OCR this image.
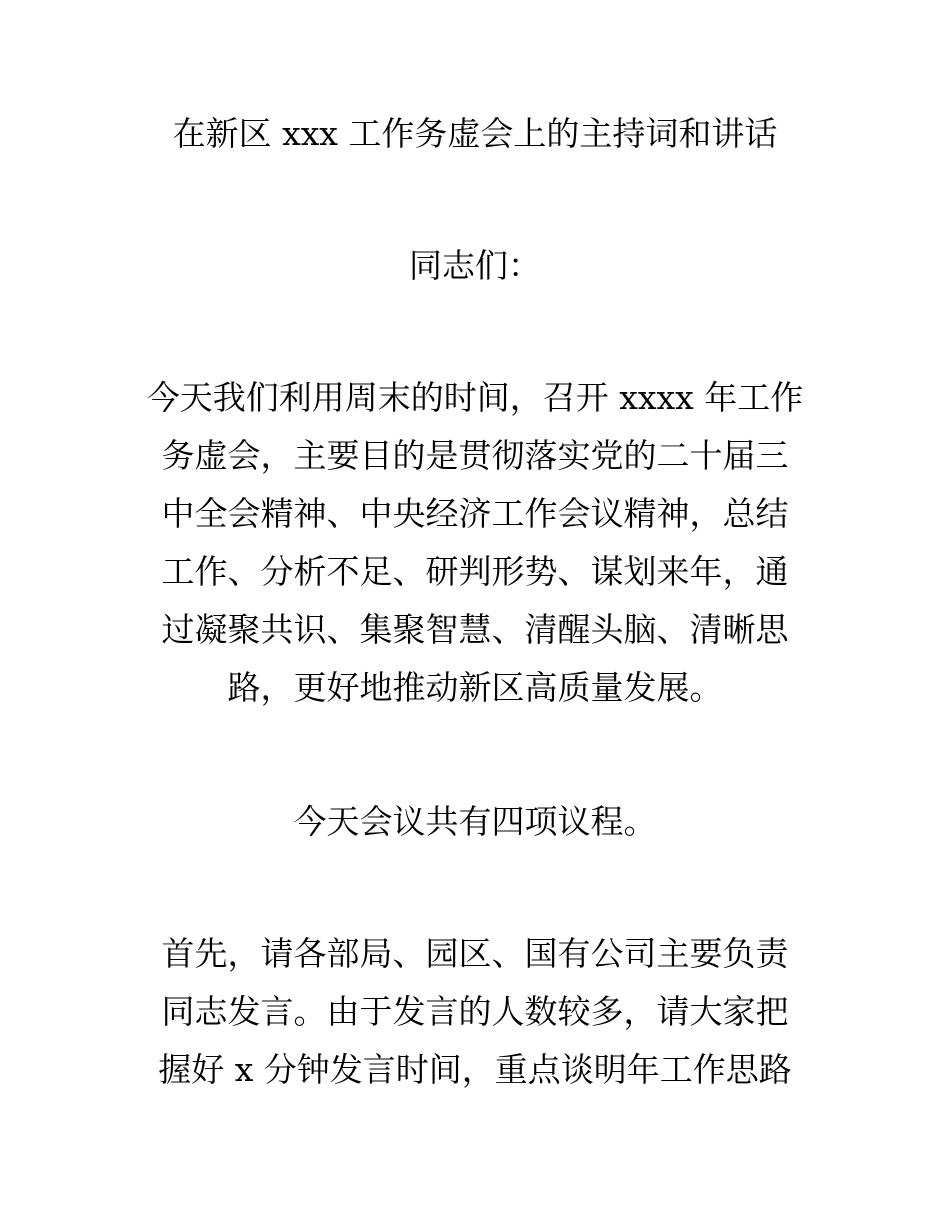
在新区 xxx 工作务虚会上的主持词和讲话
同志们：
今天我们利用周末的时间，召开 xxxx 年工作
务虚会，主要目的是贯彻落实党的二十届三
中全会精神、中央经济工作会议精神，总结
工作、分析不足、研判形势、谋划来年，通
过凝聚共识、集聚智慧、清醒头脑、清晰思
路，更好地推动新区高质量发展。
今天会议共有四项议程。
首先，请各部局、园区、国有公司主要负责
同志发言。由于发言的人数较多，请大家把
握好 x 分钟发言时间，重点谈明年工作思路
